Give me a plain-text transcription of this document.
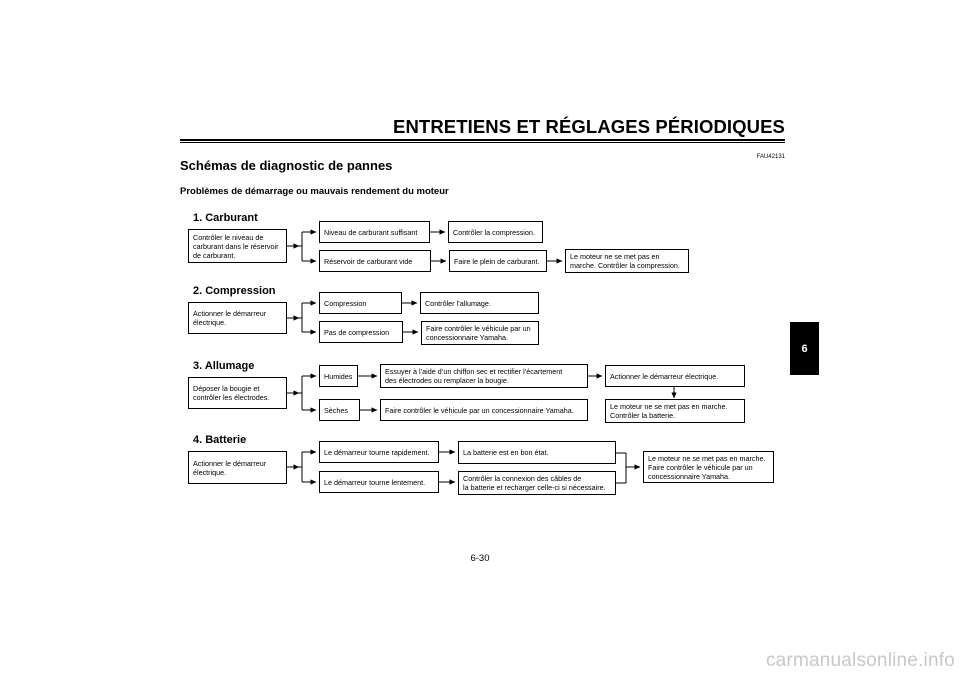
ENTRETIENS ET RÉGLAGES PÉRIODIQUES
FAU42131
Schémas de diagnostic de pannes
Problèmes de démarrage ou mauvais rendement du moteur
1. Carburant
Contrôler le niveau de
carburant dans le réservoir
de carburant.
Niveau de carburant suffisant	Contrôler la compression.
Réservoir de carburant vide	Faire le plein de carburant.	Le moteur ne se met pas en
marche. Contrôler la compression.
2. Compression
Actionner le démarreur
électrique.
Compression	Contrôler l’allumage.
Pas de compression	Faire contrôler le véhicule par un
concessionnaire Yamaha.
3. Allumage
Déposer la bougie et
contrôler les électrodes.
Humides	Essuyer à l’aide d’un chiffon sec et rectifier l’écartement
des électrodes ou remplacer la bougie.	Actionner le démarreur électrique.
Sèches	Faire contrôler le véhicule par un concessionnaire Yamaha.	Le moteur ne se met pas en marche.
Contrôler la batterie.
4. Batterie
Actionner le démarreur
électrique.
Le démarreur tourne rapidement.	La batterie est en bon état.
Le démarreur tourne lentement.	Contrôler la connexion des câbles de
la batterie et recharger celle-ci si nécessaire.
Le moteur ne se met pas en marche.
Faire contrôler le véhicule par un
concessionnaire Yamaha.
6
6-30
carmanualsonline.info
